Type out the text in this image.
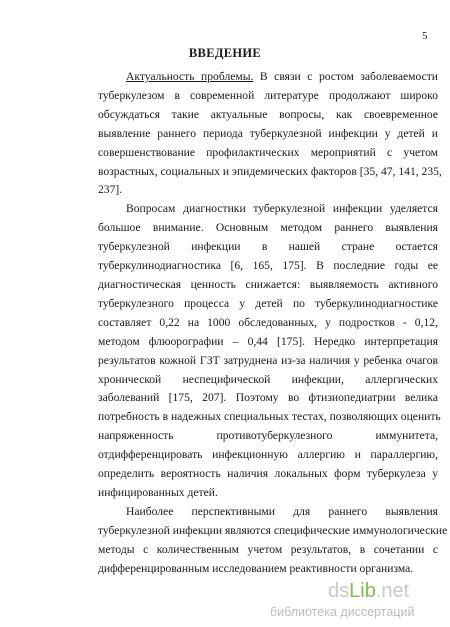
5
ВВЕДЕНИЕ
Актуальность проблемы. В связи с ростом заболеваемости
туберкулезом в современной литературе продолжают широко
обсуждаться такие актуальные вопросы, как своевременное
выявление раннего периода туберкулезной инфекции у детей и
совершенствование профилактических мероприятий с учетом
возрастных, социальных и эпидемических факторов [35, 47, 141, 235,
237].
Вопросам диагностики туберкулезной инфекции уделяется
большое внимание. Основным методом раннего выявления
туберкулезной инфекции в нашей стране остается
туберкулинодиагностика [6, 165, 175]. В последние годы ее
диагностическая ценность снижается: выявляемость активного
туберкулезного процесса у детей по туберкулинодиагностике
составляет 0,22 на 1000 обследованных, у подростков - 0,12,
методом флюорографии – 0,44 [175]. Нередко интерпретация
результатов кожной ГЗТ затруднена из-за наличия у ребенка очагов
хронической неспецифической инфекции, аллергических
заболеваний [175, 207]. Поэтому во фтизиопедиатрии велика
потребность в надежных специальных тестах, позволяющих оценить
напряженность противотуберкулезного иммунитета,
отдифференцировать инфекционную аллергию и параллергию,
определить вероятность наличия локальных форм туберкулеза у
инфицированных детей.
Наиболее перспективными для раннего выявления
туберкулезной инфекции являются специфические иммунологические
методы с количественным учетом результатов, в сочетании с
дифференцированным исследованием реактивности организма.
dsLib.net
библиотека диссертаций
